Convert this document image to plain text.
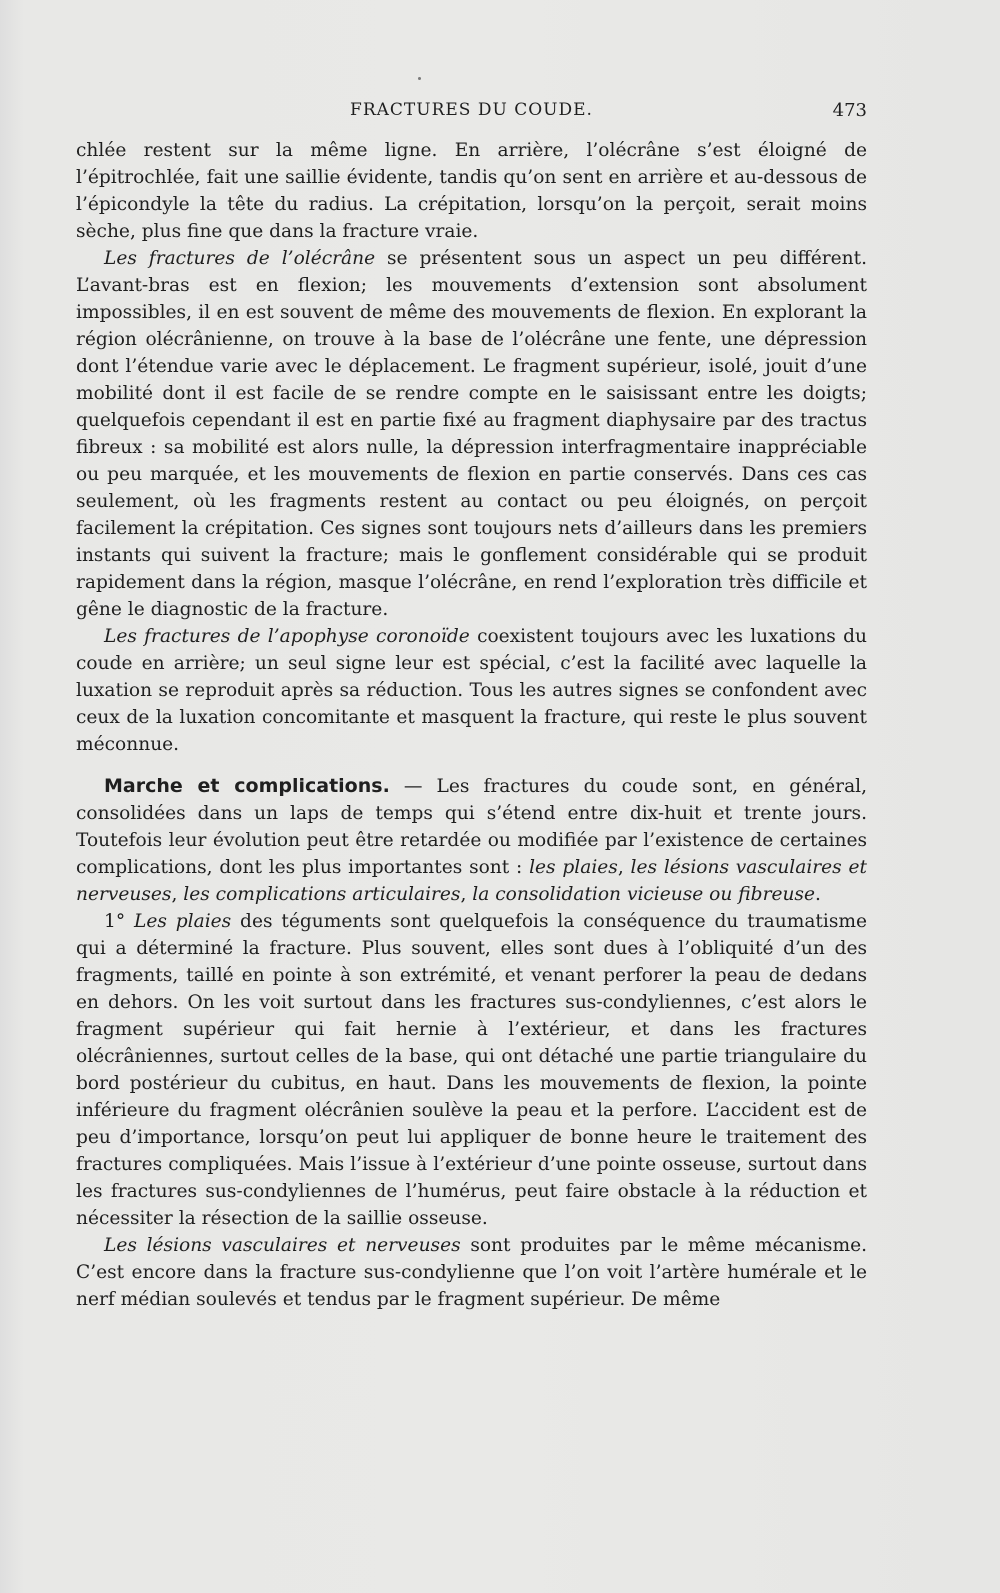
FRACTURES DU COUDE.	473

chlée restent sur la même ligne. En arrière, l’olécrâne s’est éloigné de l’épitrochlée, fait une saillie évidente, tandis qu’on sent en arrière et au-dessous de l’épicondyle la tête du radius. La crépitation, lorsqu’on la perçoit, serait moins sèche, plus fine que dans la fracture vraie.

Les fractures de l’olécrâne se présentent sous un aspect un peu différent. L’avant-bras est en flexion; les mouvements d’extension sont absolument impossibles, il en est souvent de même des mouvements de flexion. En explorant la région olécrânienne, on trouve à la base de l’olécrâne une fente, une dépression dont l’étendue varie avec le déplacement. Le fragment supérieur, isolé, jouit d’une mobilité dont il est facile de se rendre compte en le saisissant entre les doigts; quelquefois cependant il est en partie fixé au fragment diaphysaire par des tractus fibreux : sa mobilité est alors nulle, la dépression interfragmentaire inappréciable ou peu marquée, et les mouvements de flexion en partie conservés. Dans ces cas seulement, où les fragments restent au contact ou peu éloignés, on perçoit facilement la crépitation. Ces signes sont toujours nets d’ailleurs dans les premiers instants qui suivent la fracture; mais le gonflement considérable qui se produit rapidement dans la région, masque l’olécrâne, en rend l’exploration très difficile et gêne le diagnostic de la fracture.

Les fractures de l’apophyse coronoïde coexistent toujours avec les luxations du coude en arrière; un seul signe leur est spécial, c’est la facilité avec laquelle la luxation se reproduit après sa réduction. Tous les autres signes se confondent avec ceux de la luxation concomitante et masquent la fracture, qui reste le plus souvent méconnue.

Marche et complications. — Les fractures du coude sont, en général, consolidées dans un laps de temps qui s’étend entre dix-huit et trente jours. Toutefois leur évolution peut être retardée ou modifiée par l’existence de certaines complications, dont les plus importantes sont : les plaies, les lésions vasculaires et nerveuses, les complications articulaires, la consolidation vicieuse ou fibreuse.

1° Les plaies des téguments sont quelquefois la conséquence du traumatisme qui a déterminé la fracture. Plus souvent, elles sont dues à l’obliquité d’un des fragments, taillé en pointe à son extrémité, et venant perforer la peau de dedans en dehors. On les voit surtout dans les fractures sus-condyliennes, c’est alors le fragment supérieur qui fait hernie à l’extérieur, et dans les fractures olécrâniennes, surtout celles de la base, qui ont détaché une partie triangulaire du bord postérieur du cubitus, en haut. Dans les mouvements de flexion, la pointe inférieure du fragment olécrânien soulève la peau et la perfore. L’accident est de peu d’importance, lorsqu’on peut lui appliquer de bonne heure le traitement des fractures compliquées. Mais l’issue à l’extérieur d’une pointe osseuse, surtout dans les fractures sus-condyliennes de l’humérus, peut faire obstacle à la réduction et nécessiter la résection de la saillie osseuse.

Les lésions vasculaires et nerveuses sont produites par le même mécanisme. C’est encore dans la fracture sus-condylienne que l’on voit l’artère humérale et le nerf médian soulevés et tendus par le fragment supérieur. De même
